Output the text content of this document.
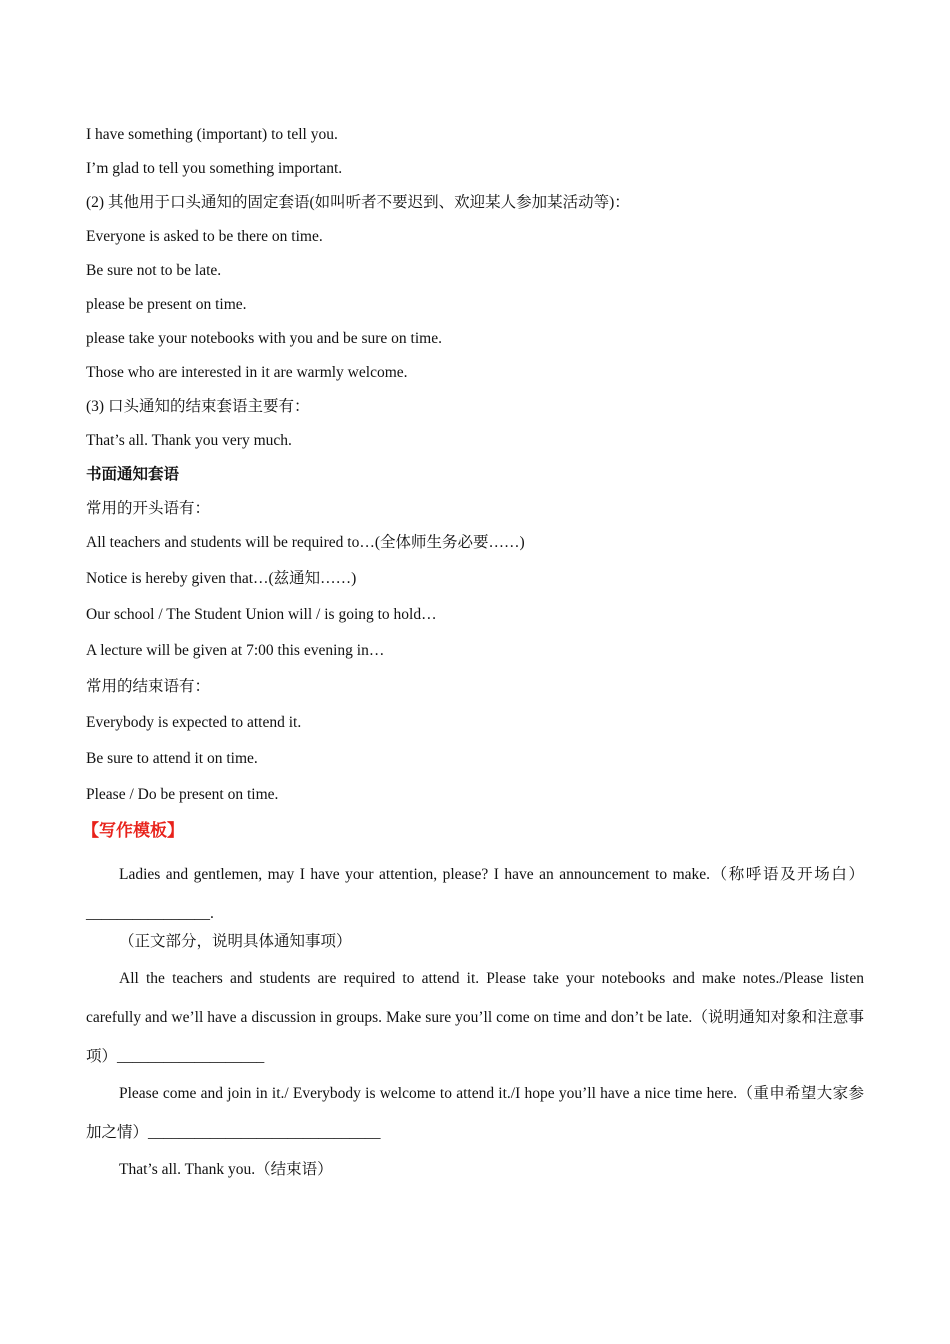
I have something (important) to tell you.
I’m glad to tell you something important.
(2) 其他用于口头通知的固定套语(如叫听者不要迟到、欢迎某人参加某活动等)：
Everyone is asked to be there on time.
Be sure not to be late.
please be present on time.
please take your notebooks with you and be sure on time.
Those who are interested in it are warmly welcome.
(3) 口头通知的结束套语主要有：
That’s all. Thank you very much.
书面通知套语
常用的开头语有：
All teachers and students will be required to…(全体师生务必要……)
Notice is hereby given that…(兹通知……)
Our school / The Student Union will / is going to hold…
A lecture will be given at 7:00 this evening in…
常用的结束语有：
Everybody is expected to attend it.
Be sure to attend it on time.
Please / Do be present on time.
【写作模板】

Ladies and gentlemen, may I have your attention, please? I have an announcement to make.（称呼语及开场白）________________.

（正文部分，说明具体通知事项）

All the teachers and students are required to attend it. Please take your notebooks and make notes./Please listen carefully and we’ll have a discussion in groups. Make sure you’ll come on time and don’t be late.（说明通知对象和注意事项）___________________

Please come and join in it./ Everybody is welcome to attend it./I hope you’ll have a nice time here.（重申希望大家参加之情）______________________________

That’s all. Thank you.（结束语）
